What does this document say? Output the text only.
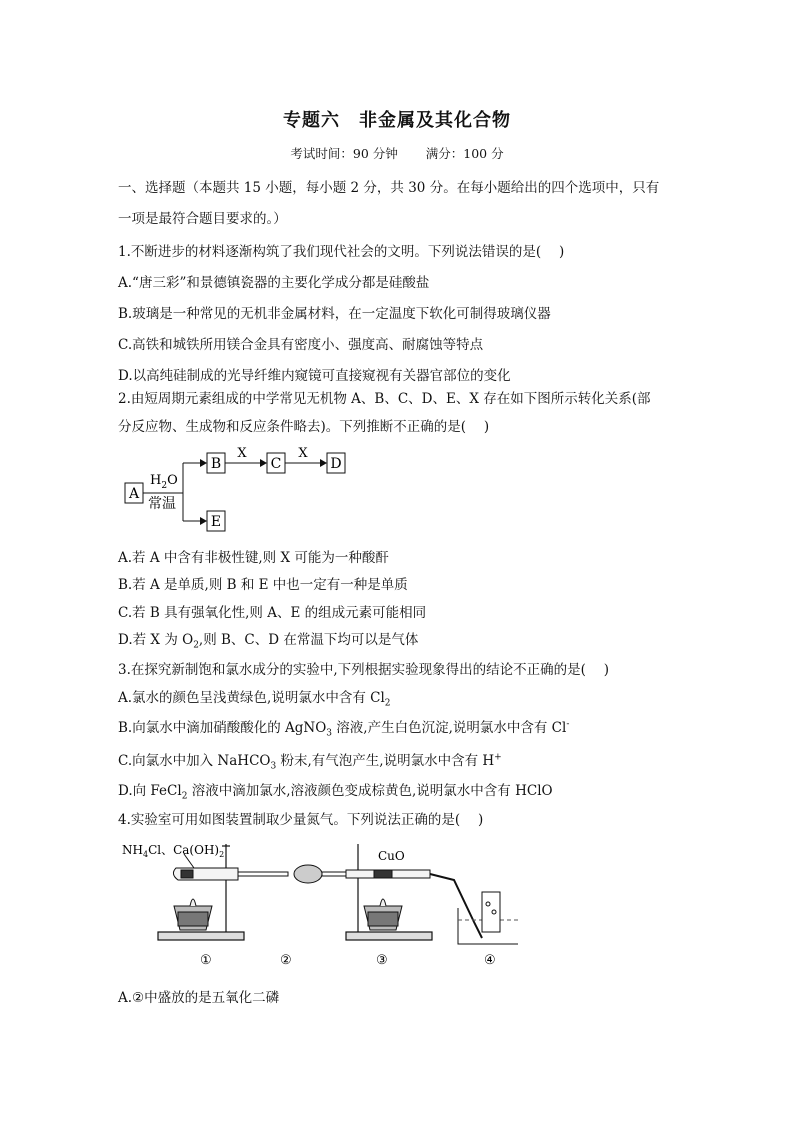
专题六　非金属及其化合物
考试时间：90 分钟 满分：100 分
一、选择题（本题共 15 小题，每小题 2 分，共 30 分。在每小题给出的四个选项中，只有
一项是最符合题目要求的。）
1.不断进步的材料逐渐构筑了我们现代社会的文明。下列说法错误的是(　 )
A.“唐三彩”和景德镇瓷器的主要化学成分都是硅酸盐
B.玻璃是一种常见的无机非金属材料，在一定温度下软化可制得玻璃仪器
C.高铁和城铁所用镁合金具有密度小、强度高、耐腐蚀等特点
D.以高纯硅制成的光导纤维内窥镜可直接窥视有关器官部位的变化
2.由短周期元素组成的中学常见无机物 A、B、C、D、E、X 存在如下图所示转化关系(部
分反应物、生成物和反应条件略去)。下列推断不正确的是(　 )
A
$H_2O$
常温
B
X
C
X
D
E
A.若 A 中含有非极性键,则 X 可能为一种酸酐
B.若 A 是单质,则 B 和 E 中也一定有一种是单质
C.若 B 具有强氧化性,则 A、E 的组成元素可能相同
D.若 X 为 $O_2$,则 B、C、D 在常温下均可以是气体
3.在探究新制饱和氯水成分的实验中,下列根据实验现象得出的结论不正确的是(　 )
A.氯水的颜色呈浅黄绿色,说明氯水中含有 $Cl_2$
B.向氯水中滴加硝酸酸化的 AgNO$_3$ 溶液,产生白色沉淀,说明氯水中含有 Cl-
C.向氯水中加入 NaHCO$_3$ 粉末,有气泡产生,说明氯水中含有 H+
D.向 FeCl$_2$ 溶液中滴加氯水,溶液颜色变成棕黄色,说明氯水中含有 HClO
4.实验室可用如图装置制取少量氮气。下列说法正确的是(　 )
$NH_4Cl$、$Ca(OH)_2$	CuO
①	②	③	④
A.②中盛放的是五氧化二磷
